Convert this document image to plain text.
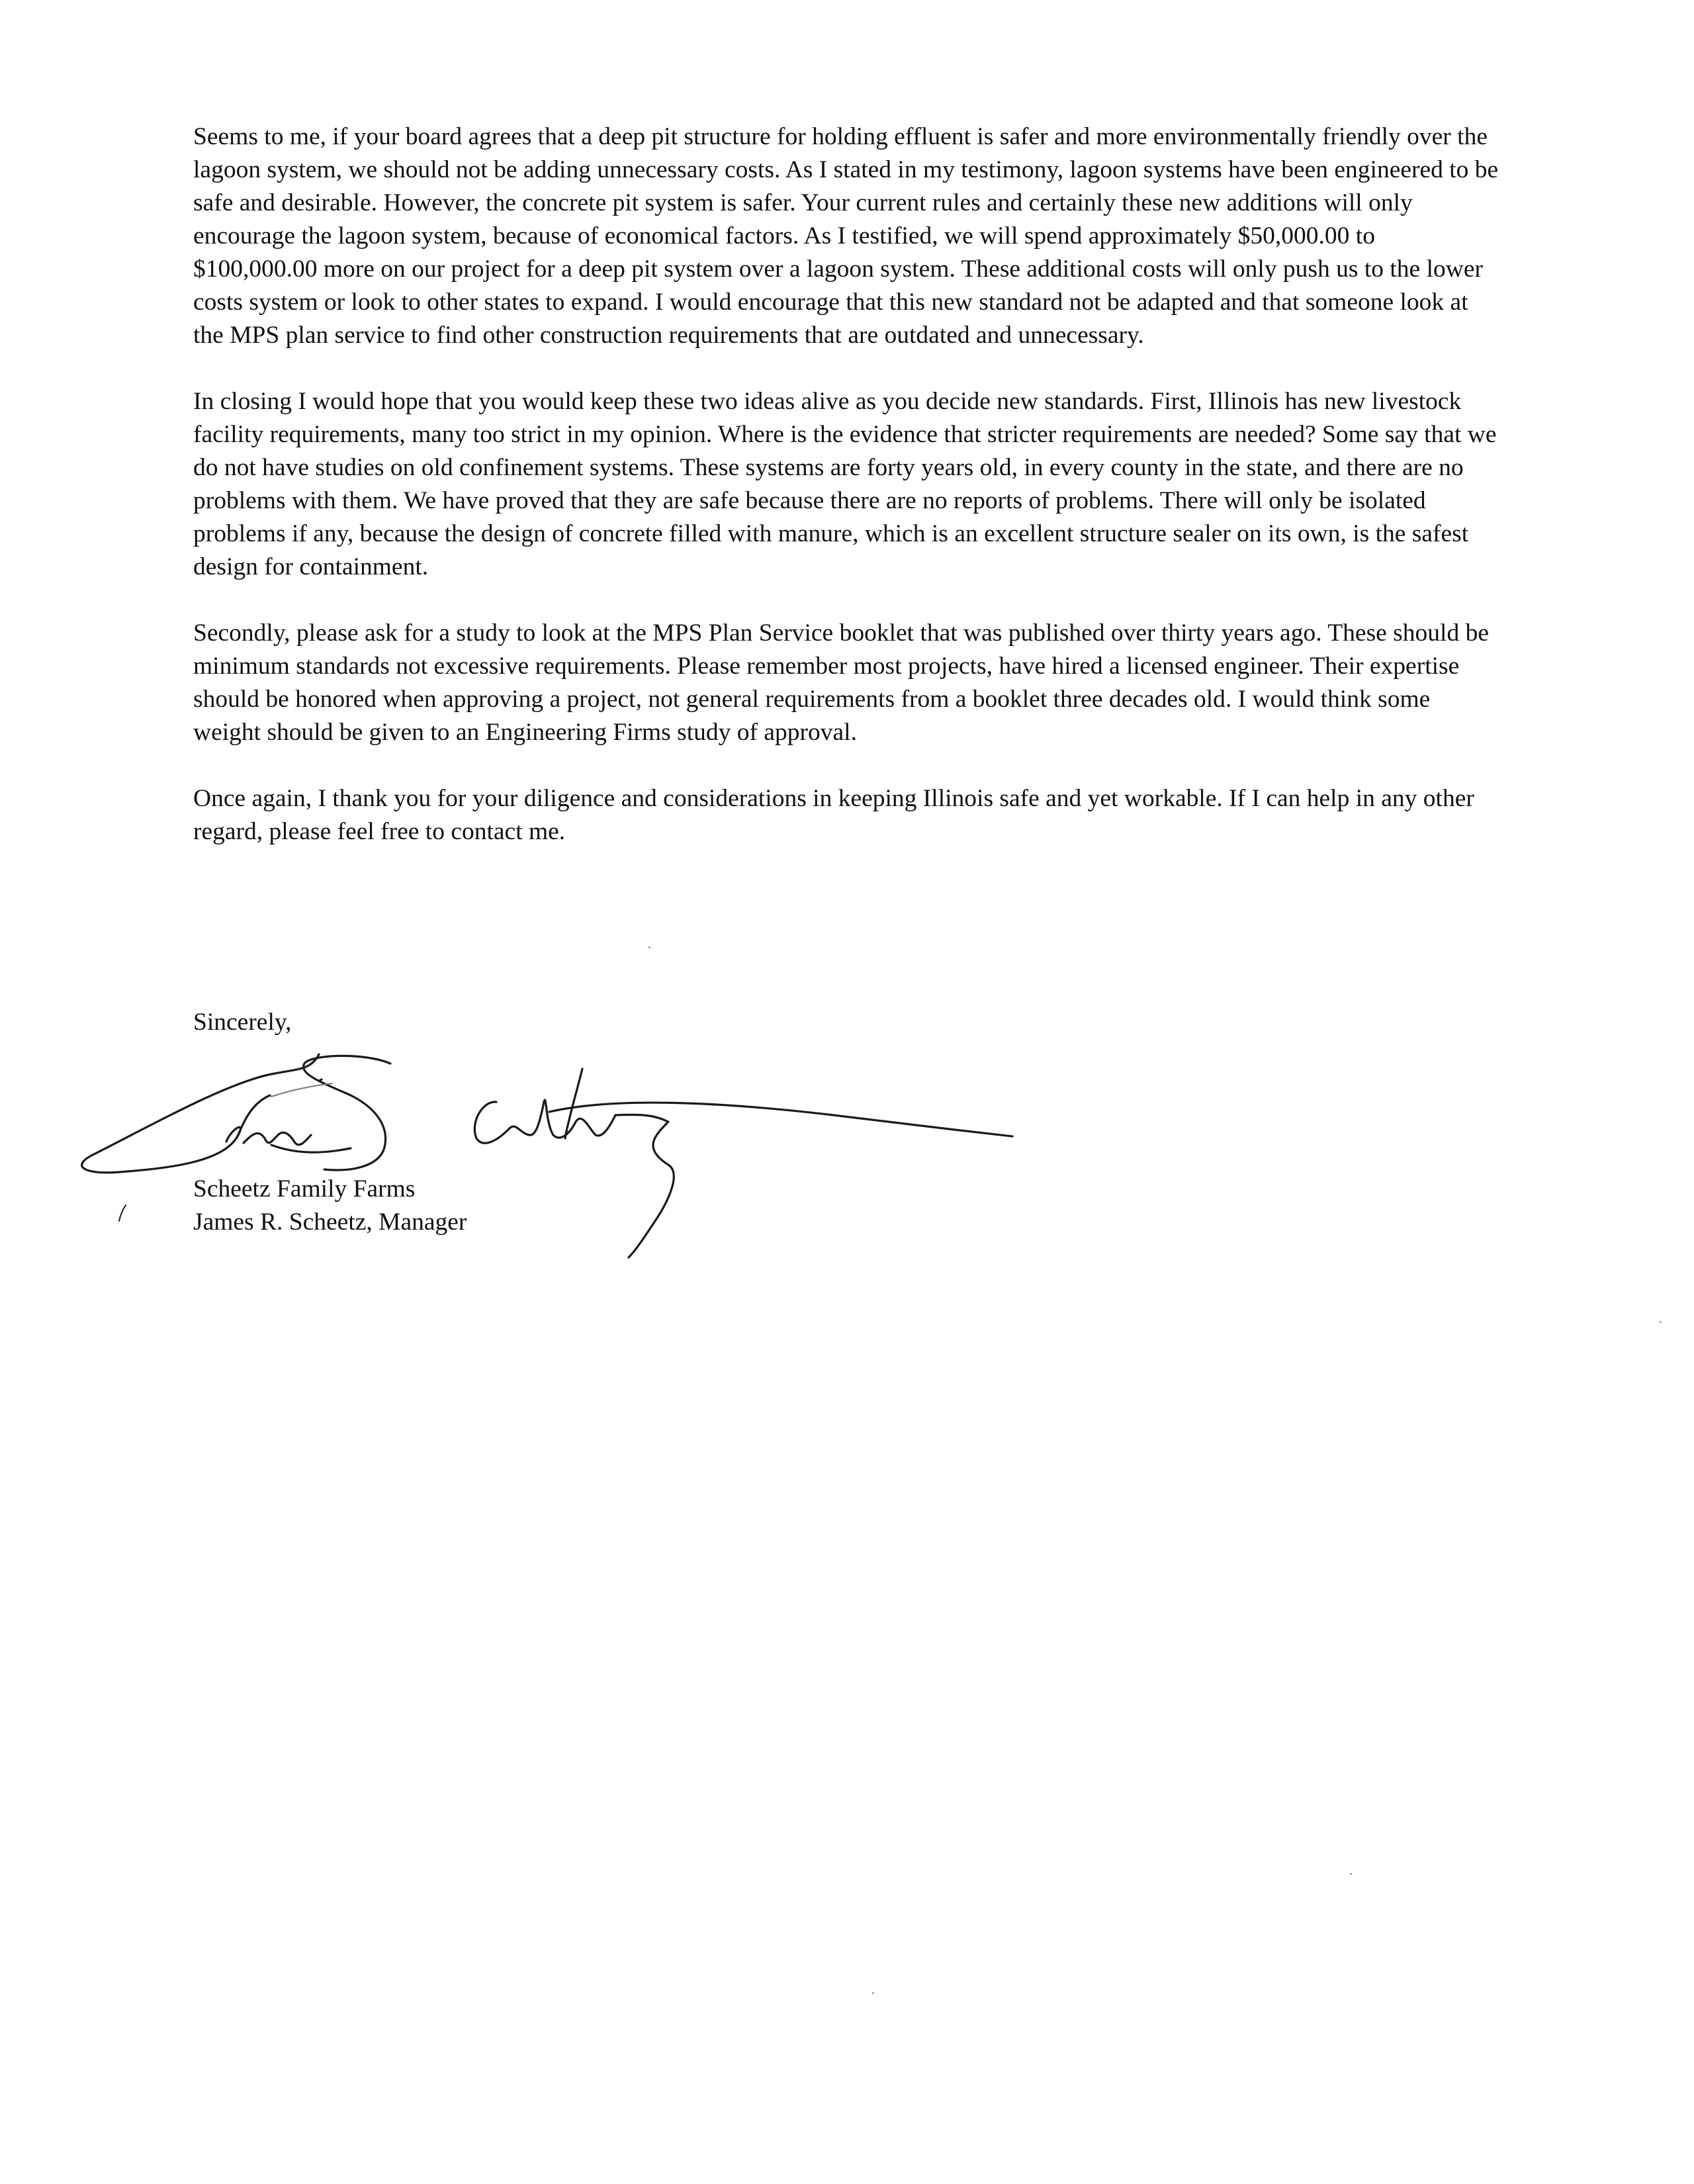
Seems to me, if your board agrees that a deep pit structure for holding effluent is safer and more environmentally friendly over the lagoon system, we should not be adding unnecessary costs. As I stated in my testimony, lagoon systems have been engineered to be safe and desirable. However, the concrete pit system is safer. Your current rules and certainly these new additions will only encourage the lagoon system, because of economical factors. As I testified, we will spend approximately $50,000.00 to $100,000.00 more on our project for a deep pit system over a lagoon system. These additional costs will only push us to the lower costs system or look to other states to expand. I would encourage that this new standard not be adapted and that someone look at the MPS plan service to find other construction requirements that are outdated and unnecessary.

In closing I would hope that you would keep these two ideas alive as you decide new standards. First, Illinois has new livestock facility requirements, many too strict in my opinion. Where is the evidence that stricter requirements are needed? Some say that we do not have studies on old confinement systems. These systems are forty years old, in every county in the state, and there are no problems with them. We have proved that they are safe because there are no reports of problems. There will only be isolated problems if any, because the design of concrete filled with manure, which is an excellent structure sealer on its own, is the safest design for containment.

Secondly, please ask for a study to look at the MPS Plan Service booklet that was published over thirty years ago. These should be minimum standards not excessive requirements. Please remember most projects, have hired a licensed engineer. Their expertise should be honored when approving a project, not general requirements from a booklet three decades old. I would think some weight should be given to an Engineering Firms study of approval.

Once again, I thank you for your diligence and considerations in keeping Illinois safe and yet workable. If I can help in any other regard, please feel free to contact me.

Sincerely,
Scheetz Family Farms
James R. Scheetz, Manager
